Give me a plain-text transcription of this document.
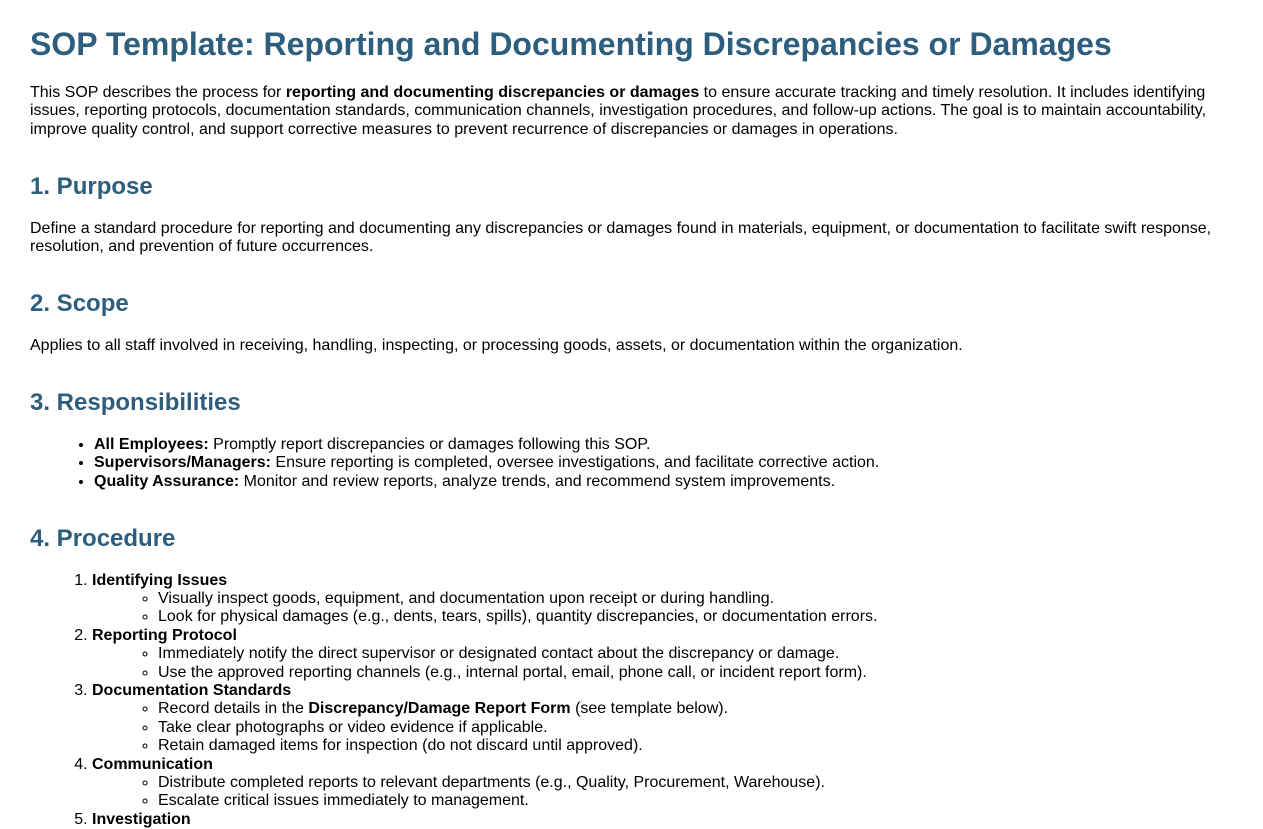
SOP Template: Reporting and Documenting Discrepancies or Damages

This SOP describes the process for reporting and documenting discrepancies or damages to ensure accurate tracking and timely resolution. It includes identifying issues, reporting protocols, documentation standards, communication channels, investigation procedures, and follow-up actions. The goal is to maintain accountability, improve quality control, and support corrective measures to prevent recurrence of discrepancies or damages in operations.

1. Purpose

Define a standard procedure for reporting and documenting any discrepancies or damages found in materials, equipment, or documentation to facilitate swift response, resolution, and prevention of future occurrences.

2. Scope

Applies to all staff involved in receiving, handling, inspecting, or processing goods, assets, or documentation within the organization.

3. Responsibilities
• All Employees: Promptly report discrepancies or damages following this SOP.
• Supervisors/Managers: Ensure reporting is completed, oversee investigations, and facilitate corrective action.
• Quality Assurance: Monitor and review reports, analyze trends, and recommend system improvements.
4. Procedure
1. Identifying Issues
◦ Visually inspect goods, equipment, and documentation upon receipt or during handling.
◦ Look for physical damages (e.g., dents, tears, spills), quantity discrepancies, or documentation errors.
2. Reporting Protocol
◦ Immediately notify the direct supervisor or designated contact about the discrepancy or damage.
◦ Use the approved reporting channels (e.g., internal portal, email, phone call, or incident report form).
3. Documentation Standards
◦ Record details in the Discrepancy/Damage Report Form (see template below).
◦ Take clear photographs or video evidence if applicable.
◦ Retain damaged items for inspection (do not discard until approved).
4. Communication
◦ Distribute completed reports to relevant departments (e.g., Quality, Procurement, Warehouse).
◦ Escalate critical issues immediately to management.
5. Investigation
